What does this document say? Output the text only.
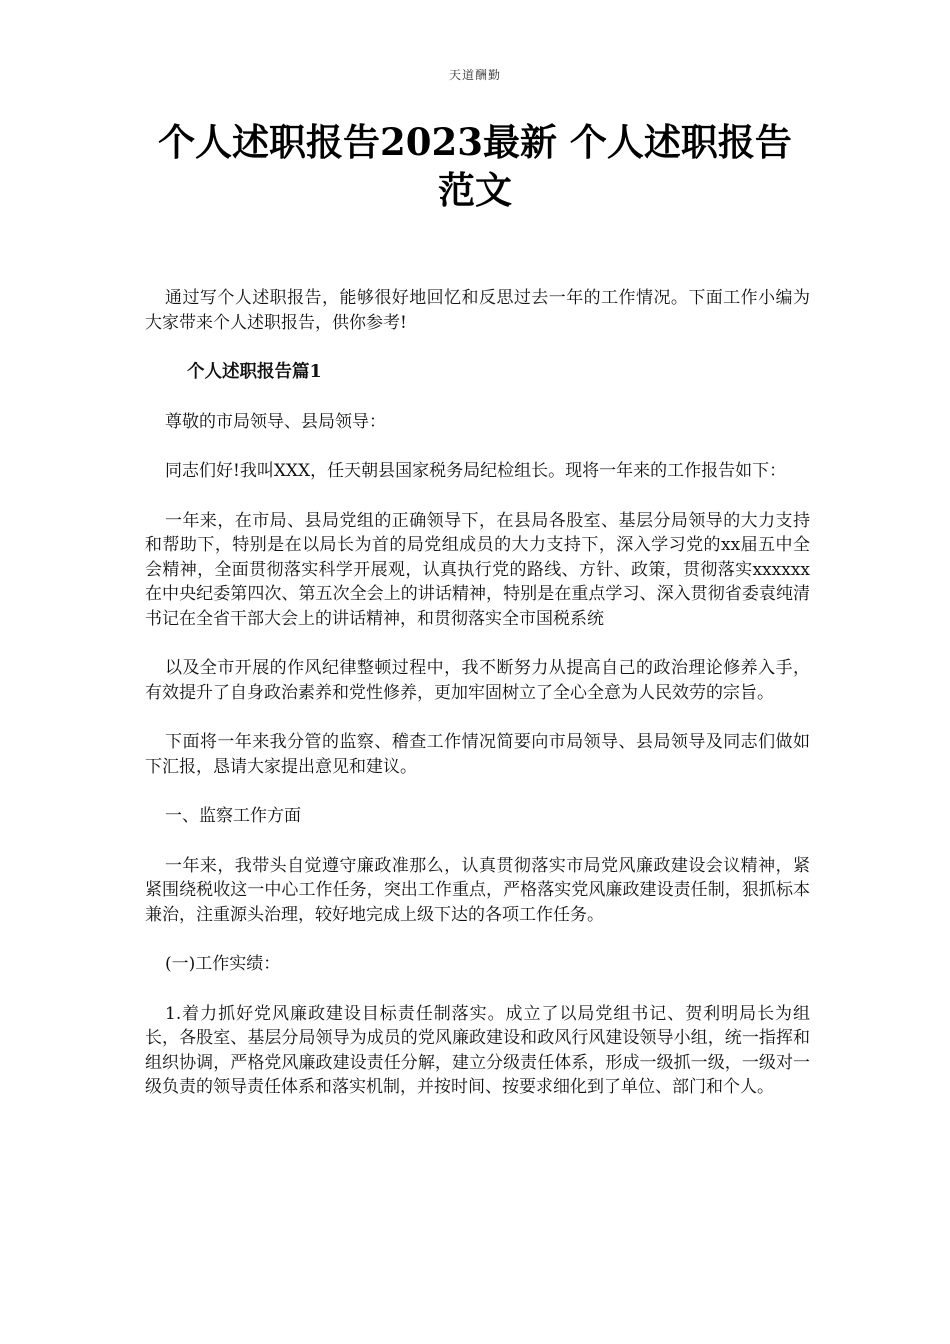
天道酬勤
个人述职报告2023最新 个人述职报告范文

通过写个人述职报告，能够很好地回忆和反思过去一年的工作情况。下面工作小编为大家带来个人述职报告，供你参考!

个人述职报告篇1

尊敬的市局领导、县局领导：

同志们好!我叫XXX，任天朝县国家税务局纪检组长。现将一年来的工作报告如下：

一年来，在市局、县局党组的正确领导下，在县局各股室、基层分局领导的大力支持和帮助下，特别是在以局长为首的局党组成员的大力支持下，深入学习党的xx届五中全会精神，全面贯彻落实科学开展观，认真执行党的路线、方针、政策，贯彻落实xxxxxx在中央纪委第四次、第五次全会上的讲话精神，特别是在重点学习、深入贯彻省委袁纯清书记在全省干部大会上的讲话精神，和贯彻落实全市国税系统

以及全市开展的作风纪律整顿过程中，我不断努力从提高自己的政治理论修养入手，有效提升了自身政治素养和党性修养，更加牢固树立了全心全意为人民效劳的宗旨。

下面将一年来我分管的监察、稽查工作情况简要向市局领导、县局领导及同志们做如下汇报，恳请大家提出意见和建议。

一、监察工作方面

一年来，我带头自觉遵守廉政准那么，认真贯彻落实市局党风廉政建设会议精神，紧紧围绕税收这一中心工作任务，突出工作重点，严格落实党风廉政建设责任制，狠抓标本兼治，注重源头治理，较好地完成上级下达的各项工作任务。

(一)工作实绩：

1.着力抓好党风廉政建设目标责任制落实。成立了以局党组书记、贺利明局长为组长，各股室、基层分局领导为成员的党风廉政建设和政风行风建设领导小组，统一指挥和组织协调，严格党风廉政建设责任分解，建立分级责任体系，形成一级抓一级，一级对一级负责的领导责任体系和落实机制，并按时间、按要求细化到了单位、部门和个人。
